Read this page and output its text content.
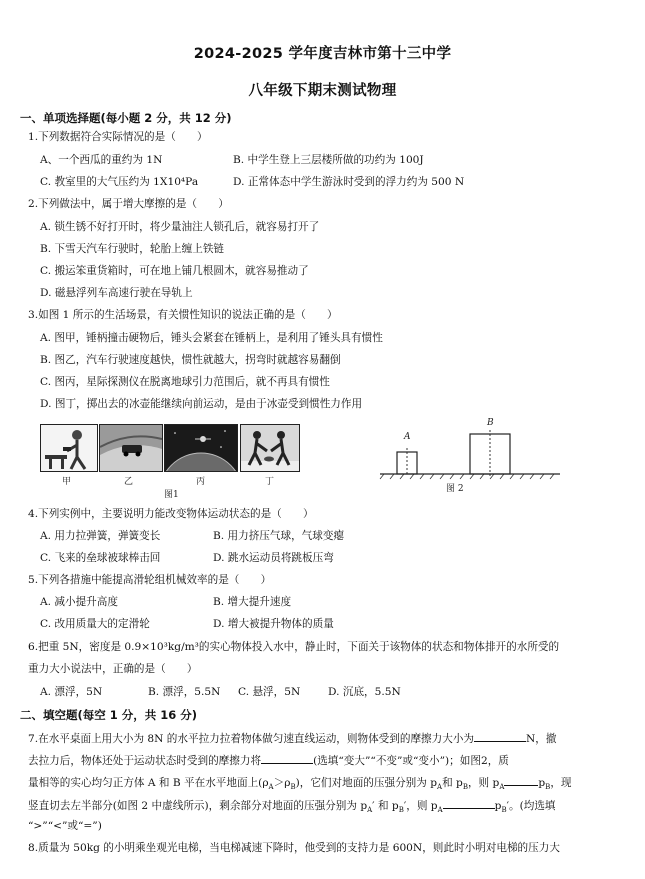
2024-2025 学年度吉林市第十三中学
八年级下期末测试物理
一、单项选择题(每小题 2 分，共 12 分)
1.下列数据符合实际情况的是（　　）
A、一个西瓜的重约为 1N	B. 中学生登上三层楼所做的功约为 100J
C. 教室里的大气压约为 1X10⁴Pa	D. 正常体态中学生游泳时受到的浮力约为 500 N
2.下列做法中，属于增大摩擦的是（　　）
A. 锁生锈不好打开时，将少量油注人锁孔后，就容易打开了
B. 下雪天汽车行驶时，轮胎上缠上铁链
C. 搬运笨重货箱时，可在地上铺几根圆木，就容易推动了
D. 磁悬浮列车高速行驶在导轨上
3.如图 1 所示的生活场景，有关惯性知识的说法正确的是（　　）
A. 图甲，锤柄撞击硬物后，锤头会紧套在锤柄上，是利用了锤头具有惯性
B. 图乙，汽车行驶速度越快，惯性就越大，拐弯时就越容易翻倒
C. 图丙，星际探测仪在脱离地球引力范围后，就不再具有惯性
D. 图丁，掷出去的冰壶能继续向前运动，是由于冰壶受到惯性力作用
甲	乙	丙	丁
图1
A
B
图 2
4.下列实例中，主要说明力能改变物体运动状态的是（　　）
A. 用力拉弹簧，弹簧变长	B. 用力挤压气球，气球变瘪
C. 飞来的垒球被球棒击回	D. 跳水运动员将跳板压弯
5.下列各措施中能提高滑轮组机械效率的是（　　）
A. 减小提升高度	B. 增大提升速度
C. 改用质量大的定滑轮	D. 增大被提升物体的质量
6.把重 5N，密度是 0.9×10³kg/m³的实心物体投入水中，静止时，下面关于该物体的状态和物体排开的水所受的
重力大小说法中，正确的是（　　）
A. 漂浮，5N	B. 漂浮，5.5N C. 悬浮，5N	D. 沉底，5.5N
二、填空题(每空 1 分，共 16 分)
7.在水平桌面上用大小为 8N 的水平拉力拉着物体做匀速直线运动，则物体受到的摩擦力大小为	N，撤
去拉力后，物体还处于运动状态时受到的摩擦力将	(选填“变大”“不变”或“变小”)；如图2，质
量相等的实心均匀正方体 A 和 B 平在水平地面上$(\rho_A>\rho_B)$，它们对地面的压强分别为 $p_A$和 $p_B$，则 $p_A$	$p_B$，现
竖直切去左半部分(如图 2 中虚线所示)，剩余部分对地面的压强分别为 $p_A'$ 和 $p_B'$，则 $p_A$	$p_B'$。(均选填
“>”“<”或“=”)
8.质量为 50kg 的小明乘坐观光电梯，当电梯减速下降时，他受到的支持力是 600N，则此时小明对电梯的压力大
